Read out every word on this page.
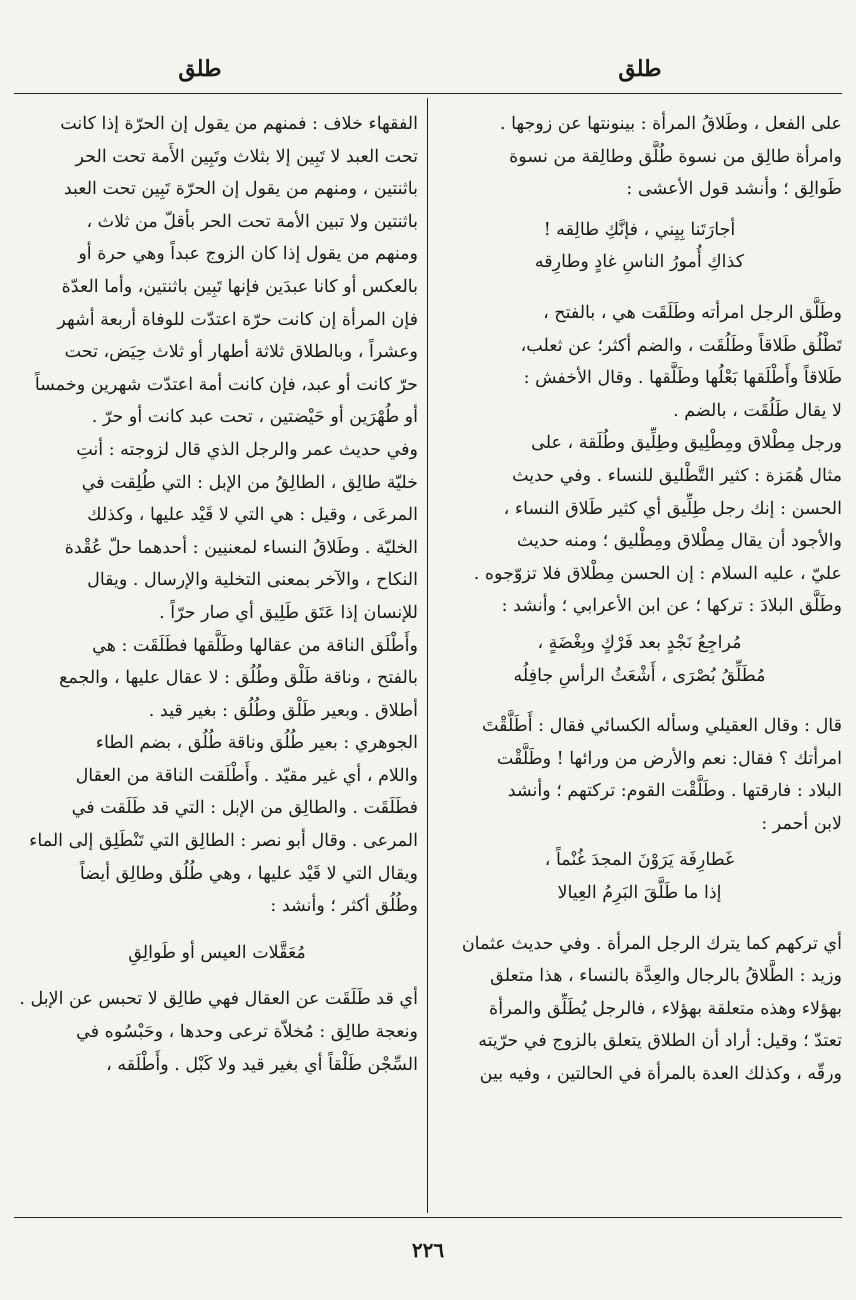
طلق
طلق
على الفعل ، وطَلاقُ المرأة : بينونتها عن زوجها .
وامرأة طالِق من نسوة طُلَّق وطالِقة من نسوة
طَوالِق ؛ وأنشد قول الأعشى :
أجارَتَنا بِيِني ، فإنَّكِ طالِقه !
كذاكِ أُمورُ الناسِ غادٍ وطارِقه
وطَلَّق الرجل امرأته وطَلَقَت هي ، بالفتح ،
تَطْلُق طَلاقاً وطَلُقَت ، والضم أكثر؛ عن ثعلب،
طَلاقاً وأَطْلَقها بَعْلُها وطَلَّقها . وقال الأخفش :
لا يقال طَلُقَت ، بالضم .
ورجل مِطْلاق ومِطْلِيق وطِلِّيق وطُلَقة ، على
مثال هُمَزة : كثير التَّطْليق للنساء . وفي حديث
الحسن : إنك رجل طِلِّيق أي كثير طَلاق النساء ،
والأجود أن يقال مِطْلاق ومِطْليق ؛ ومنه حديث
عليّ ، عليه السلام : إن الحسن مِطْلاق فلا تزوّجوه .
وطَلَّق البلادَ : تركها ؛ عن ابن الأعرابي ؛ وأنشد :
مُراجِعُ نَجْدٍ بعد فَرْكٍ وبِغْضَةٍ ،
مُطَلِّقُ بُصْرَى ، أَشْعَثُ الرأسِ جافِلُه
قال : وقال العقيلي وسأله الكسائي فقال : أَطَلَّقْتَ
امرأتك ؟ فقال: نعم والأرض من ورائها ! وطَلَّقْت
البلاد : فارقتها . وطَلَّقْت القوم: تركتهم ؛ وأنشد
لابن أحمر :
غَطارِفَة يَرَوْنَ المجدَ غُنْماً ،
إذا ما طَلَّقَ البَرِمُ العِيالا
أي تركهم كما يترك الرجل المرأة . وفي حديث عثمان
وزيد : الطَّلاقُ بالرجال والعِدَّة بالنساء ، هذا متعلق
بهؤلاء وهذه متعلقة بهؤلاء ، فالرجل يُطَلِّق والمرأة
تعتدّ ؛ وقيل: أراد أن الطلاق يتعلق بالزوج في حرّيته
ورقّه ، وكذلك العدة بالمرأة في الحالتين ، وفيه بين
الفقهاء خلاف : فمنهم من يقول إن الحرّة إذا كانت
تحت العبد لا تَبِين إلا بثلاث وتَبِين الأَمة تحت الحر
باثنتين ، ومنهم من يقول إن الحرّة تَبِين تحت العبد
باثنتين ولا تبين الأمة تحت الحر بأقلّ من ثلاث ،
ومنهم من يقول إذا كان الزوج عبداً وهي حرة أو
بالعكس أو كانا عبدَين فإنها تَبِين باثنتين، وأما العدّة
فإن المرأة إن كانت حرّة اعتدّت للوفاة أربعة أشهر
وعشراً ، وبالطلاق ثلاثة أطهار أو ثلاث حِيَض، تحت
حرّ كانت أو عبد، فإن كانت أمة اعتدّت شهرين وخمساً
أو طُهْرَين أو حَيْضتين ، تحت عبد كانت أو حرّ .
وفي حديث عمر والرجل الذي قال لزوجته : أنتِ
خليّة طالِق ، الطالِقُ من الإبل : التي طُلِقت في
المرعَى ، وقيل : هي التي لا قَيْد عليها ، وكذلك
الخليّة . وطَلاقُ النساء لمعنيين : أحدهما حلّ عُقْدة
النكاح ، والآخر بمعنى التخلية والإرسال . ويقال
للإنسان إذا عَتَق طَلِيق أي صار حرّاً .
وأَطْلَق الناقة من عقالها وطَلَّقها فطَلَقَت : هي
بالفتح ، وناقة طَلْق وطُلُق : لا عقال عليها ، والجمع
أطلاق . وبعير طَلْق وطُلُق : بغير قيد .
الجوهري : بعير طُلُق وناقة طُلُق ، بضم الطاء
واللام ، أي غير مقيّد . وأَطْلَقت الناقة من العقال
فطَلَقَت . والطالِق من الإبل : التي قد طَلَقت في
المرعى . وقال أبو نصر : الطالِق التي تَنْطَلِق إلى الماء
ويقال التي لا قَيْد عليها ، وهي طُلُق وطالِق أيضاً
وطُلُق أكثر ؛ وأنشد :
مُعَقَّلات العيس أو طَوالِقِ
أي قد طَلَقَت عن العقال فهي طالِق لا تحبس عن الإبل .
ونعجة طالِق : مُخلاّة ترعى وحدها ، وحَبْسُوه في
السِّجْن طَلْقاً أي بغير قيد ولا كَبْل . وأَطْلَقه ،
٢٢٦
